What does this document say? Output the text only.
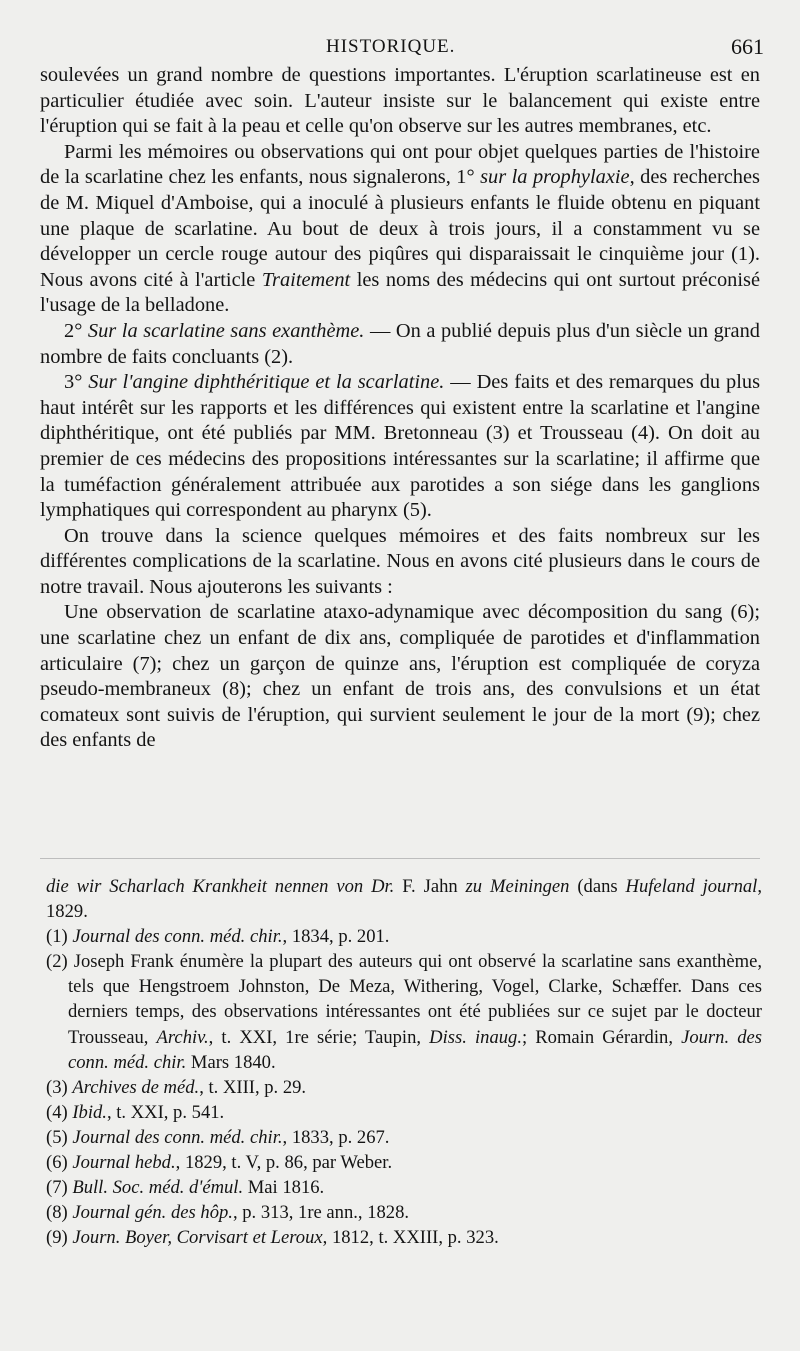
HISTORIQUE.	661

soulevées un grand nombre de questions importantes. L'éruption scarlatineuse est en particulier étudiée avec soin. L'auteur insiste sur le balancement qui existe entre l'éruption qui se fait à la peau et celle qu'on observe sur les autres membranes, etc.

Parmi les mémoires ou observations qui ont pour objet quelques parties de l'histoire de la scarlatine chez les enfants, nous signalerons, 1° sur la prophylaxie, des recherches de M. Miquel d'Amboise, qui a inoculé à plusieurs enfants le fluide obtenu en piquant une plaque de scarlatine. Au bout de deux à trois jours, il a constamment vu se développer un cercle rouge autour des piqûres qui disparaissait le cinquième jour (1). Nous avons cité à l'article Traitement les noms des médecins qui ont surtout préconisé l'usage de la belladone.

2° Sur la scarlatine sans exanthème. — On a publié depuis plus d'un siècle un grand nombre de faits concluants (2).

3° Sur l'angine diphthéritique et la scarlatine. — Des faits et des remarques du plus haut intérêt sur les rapports et les différences qui existent entre la scarlatine et l'angine diphthéritique, ont été publiés par MM. Bretonneau (3) et Trousseau (4). On doit au premier de ces médecins des propositions intéressantes sur la scarlatine; il affirme que la tuméfaction généralement attribuée aux parotides a son siége dans les ganglions lymphatiques qui correspondent au pharynx (5).

On trouve dans la science quelques mémoires et des faits nombreux sur les différentes complications de la scarlatine. Nous en avons cité plusieurs dans le cours de notre travail. Nous ajouterons les suivants :

Une observation de scarlatine ataxo-adynamique avec décomposition du sang (6); une scarlatine chez un enfant de dix ans, compliquée de parotides et d'inflammation articulaire (7); chez un garçon de quinze ans, l'éruption est compliquée de coryza pseudo-membraneux (8); chez un enfant de trois ans, des convulsions et un état comateux sont suivis de l'éruption, qui survient seulement le jour de la mort (9); chez des enfants de

die wir Scharlach Krankheit nennen von Dr. F. Jahn zu Meiningen (dans Hufeland journal, 1829.

(1) Journal des conn. méd. chir., 1834, p. 201.

(2) Joseph Frank énumère la plupart des auteurs qui ont observé la scarlatine sans exanthème, tels que Hengstroem Johnston, De Meza, Withering, Vogel, Clarke, Schæffer. Dans ces derniers temps, des observations intéressantes ont été publiées sur ce sujet par le docteur Trousseau, Archiv., t. XXI, 1re série; Taupin, Diss. inaug.; Romain Gérardin, Journ. des conn. méd. chir. Mars 1840.

(3) Archives de méd., t. XIII, p. 29.

(4) Ibid., t. XXI, p. 541.

(5) Journal des conn. méd. chir., 1833, p. 267.

(6) Journal hebd., 1829, t. V, p. 86, par Weber.

(7) Bull. Soc. méd. d'émul. Mai 1816.

(8) Journal gén. des hôp., p. 313, 1re ann., 1828.

(9) Journ. Boyer, Corvisart et Leroux, 1812, t. XXIII, p. 323.
